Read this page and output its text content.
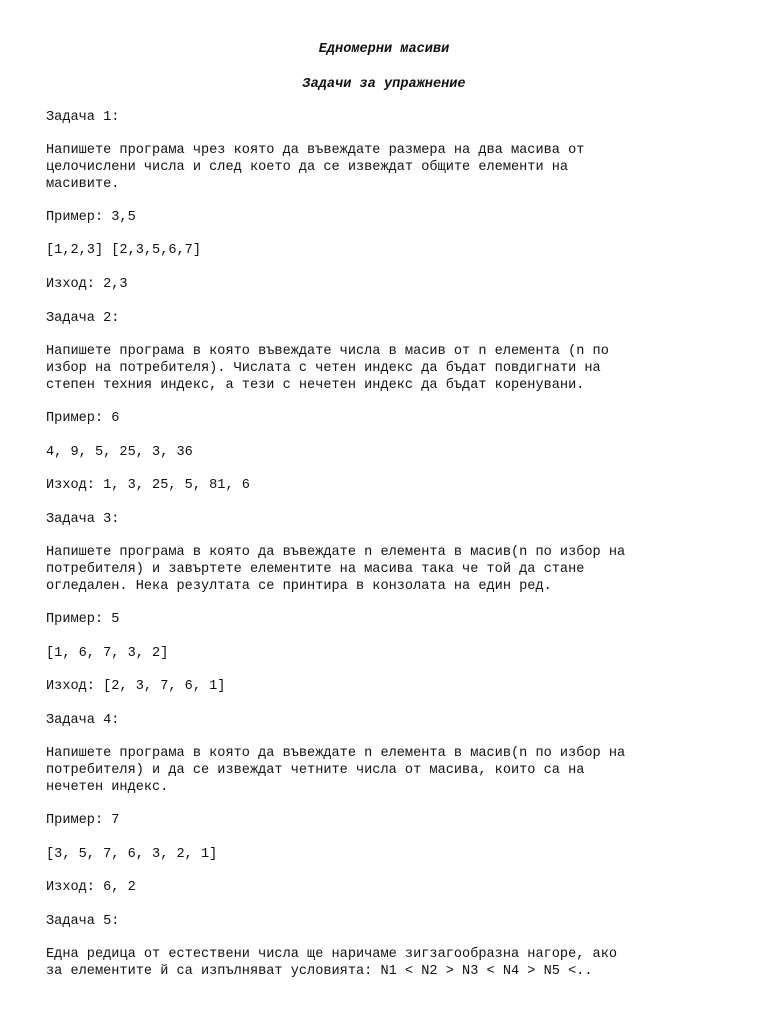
Едномерни масиви
Задачи за упражнение
Задача 1:
Напишете програма чрез която да въвеждате размера на два масива от
целочислени числа и след което да се извеждат общите елементи на
масивите.
Пример: 3,5
[1,2,3] [2,3,5,6,7]
Изход: 2,3
Задача 2:
Напишете програма в която въвеждате числа в масив от n елемента (n по
избор на потребителя). Числата с четен индекс да бъдат повдигнати на
степен техния индекс, а тези с нечетен индекс да бъдат коренувани.
Пример: 6
4, 9, 5, 25, 3, 36
Изход: 1, 3, 25, 5, 81, 6
Задача 3:
Напишете програма в която да въвеждате n елемента в масив(n по избор на
потребителя) и завъртете елементите на масива така че той да стане
огледален. Нека резултата се принтира в конзолата на един ред.
Пример: 5
[1, 6, 7, 3, 2]
Изход: [2, 3, 7, 6, 1]
Задача 4:
Напишете програма в която да въвеждате n елемента в масив(n по избор на
потребителя) и да се извеждат четните числа от масива, които са на
нечетен индекс.
Пример: 7
[3, 5, 7, 6, 3, 2, 1]
Изход: 6, 2
Задача 5:
Една редица от естествени числа ще наричаме зигзагообразна нагоре, ако
за елементите й са изпълняват условията: N1 < N2 > N3 < N4 > N5 <..
